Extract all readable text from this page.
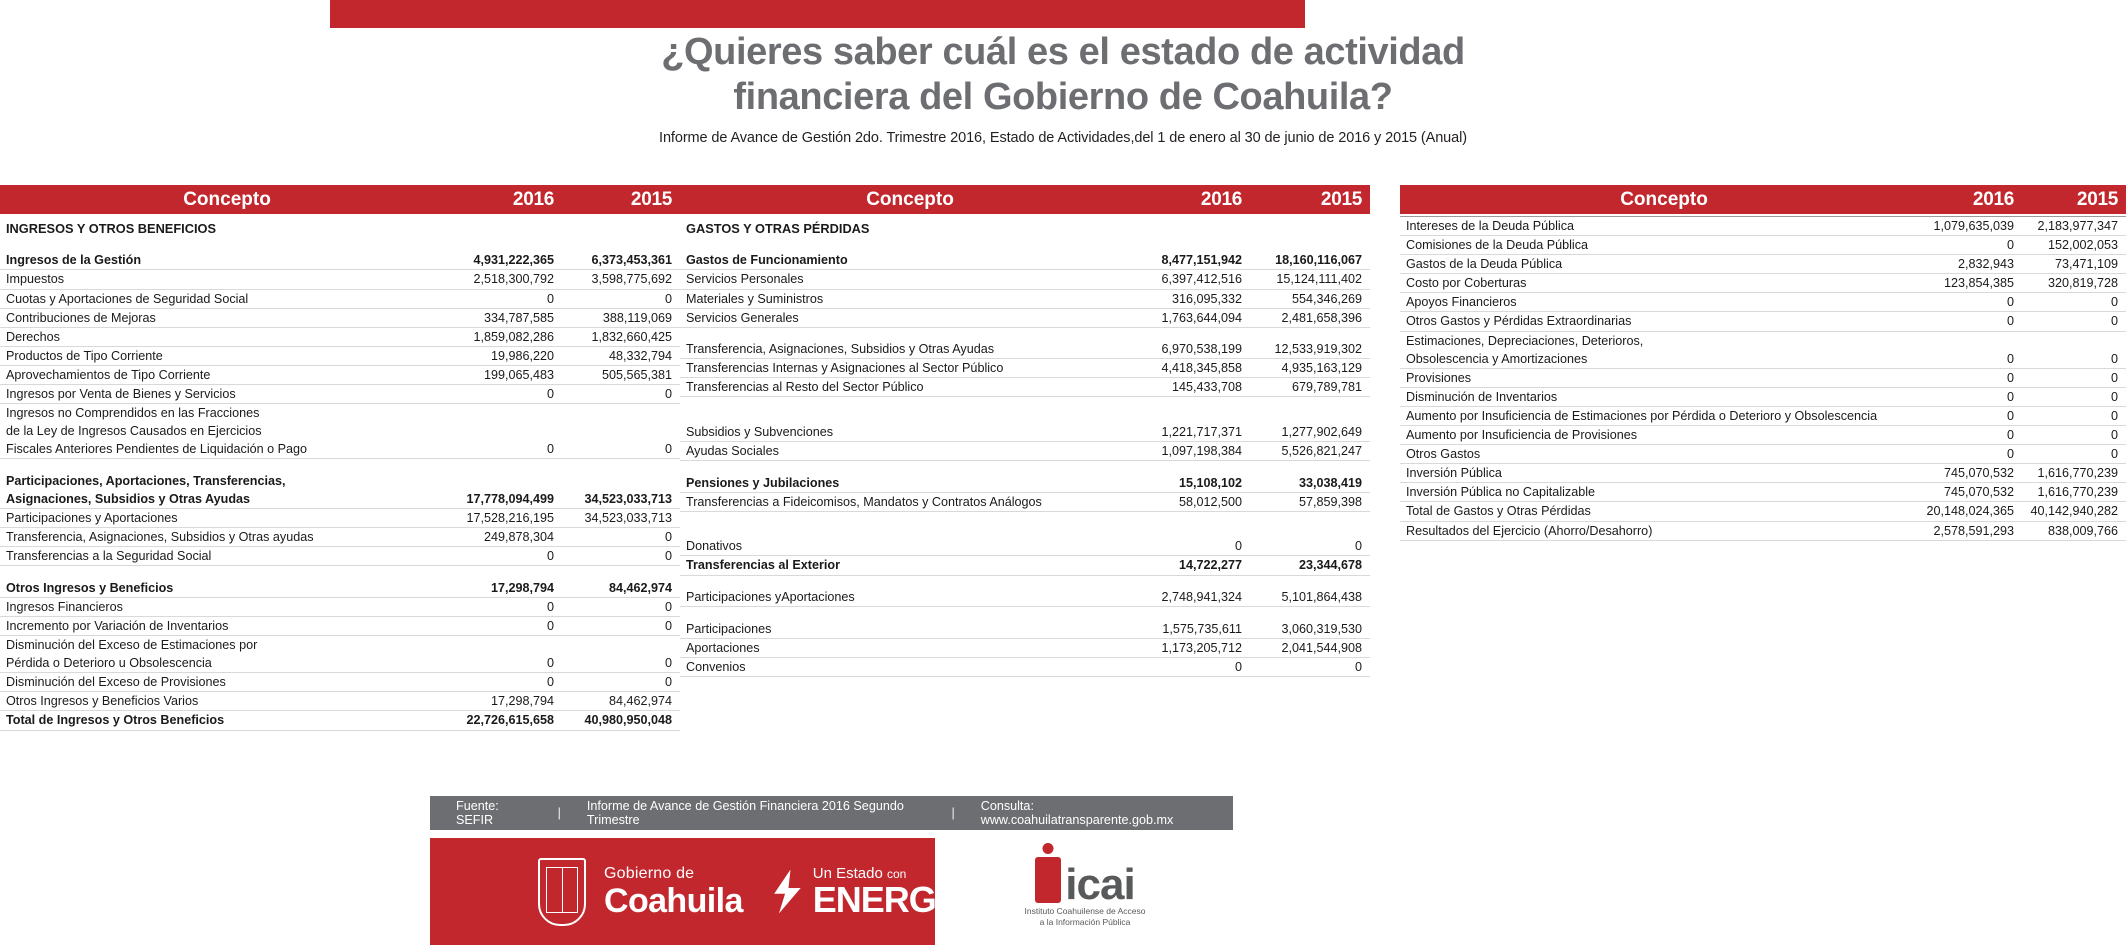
¿Quieres saber cuál es el estado de actividad
financiera del Gobierno de Coahuila?
Informe de Avance de Gestión 2do. Trimestre 2016, Estado de Actividades,del 1 de enero al 30 de junio de 2016 y 2015 (Anual)
Concepto	2016	2015
INGRESOS Y OTROS BENEFICIOS		

Ingresos de la Gestión	4,931,222,365	6,373,453,361
Impuestos	2,518,300,792	3,598,775,692
Cuotas y Aportaciones de Seguridad Social	0	0
Contribuciones de Mejoras	334,787,585	388,119,069
Derechos	1,859,082,286	1,832,660,425
Productos de Tipo Corriente	19,986,220	48,332,794
Aprovechamientos de Tipo Corriente	199,065,483	505,565,381
Ingresos por Venta de Bienes y Servicios	0	0
Ingresos no Comprendidos en las Fracciones		
de la Ley de Ingresos Causados en Ejercicios		
Fiscales Anteriores Pendientes de Liquidación o Pago	0	0

Participaciones, Aportaciones, Transferencias,		
Asignaciones, Subsidios y Otras Ayudas	17,778,094,499	34,523,033,713
Participaciones y Aportaciones	17,528,216,195	34,523,033,713
Transferencia, Asignaciones, Subsidios y Otras ayudas	249,878,304	0
Transferencias a la Seguridad Social	0	0

Otros Ingresos y Beneficios	17,298,794	84,462,974
Ingresos Financieros	0	0
Incremento por Variación de Inventarios	0	0
Disminución del Exceso de Estimaciones por		
Pérdida o Deterioro u Obsolescencia	0	0
Disminución del Exceso de Provisiones	0	0
Otros Ingresos y Beneficios Varios	17,298,794	84,462,974
Total de Ingresos y Otros Beneficios	22,726,615,658	40,980,950,048
Concepto	2016	2015
GASTOS Y OTRAS PÉRDIDAS		

Gastos de Funcionamiento	8,477,151,942	18,160,116,067
Servicios Personales	6,397,412,516	15,124,111,402
Materiales y Suministros	316,095,332	554,346,269
Servicios Generales	1,763,644,094	2,481,658,396

Transferencia, Asignaciones, Subsidios y Otras Ayudas	6,970,538,199	12,533,919,302
Transferencias Internas y Asignaciones al Sector Público	4,418,345,858	4,935,163,129
Transferencias al Resto del Sector Público	145,433,708	679,789,781

Subsidios y Subvenciones	1,221,717,371	1,277,902,649
Ayudas Sociales	1,097,198,384	5,526,821,247

Pensiones y Jubilaciones	15,108,102	33,038,419
Transferencias a Fideicomisos, Mandatos y Contratos Análogos	58,012,500	57,859,398

Donativos	0	0
Transferencias al Exterior	14,722,277	23,344,678

Participaciones yAportaciones	2,748,941,324	5,101,864,438

Participaciones	1,575,735,611	3,060,319,530
Aportaciones	1,173,205,712	2,041,544,908
Convenios	0	0
Concepto	2016	2015
Intereses de la Deuda Pública	1,079,635,039	2,183,977,347
Comisiones de la Deuda Pública	0	152,002,053
Gastos de la Deuda Pública	2,832,943	73,471,109
Costo por Coberturas	123,854,385	320,819,728
Apoyos Financieros	0	0
Otros Gastos y Pérdidas Extraordinarias	0	0
Estimaciones, Depreciaciones, Deterioros,		
Obsolescencia y Amortizaciones	0	0
Provisiones	0	0
Disminución de Inventarios	0	0
Aumento por Insuficiencia de Estimaciones por Pérdida o Deterioro y Obsolescencia	0	0
Aumento por Insuficiencia de Provisiones	0	0
Otros Gastos	0	0
Inversión Pública	745,070,532	1,616,770,239
Inversión Pública no Capitalizable	745,070,532	1,616,770,239
Total de Gastos y Otras Pérdidas	20,148,024,365	40,142,940,282
Resultados del Ejercicio (Ahorro/Desahorro)	2,578,591,293	838,009,766
Fuente: SEFIR	|	Informe de Avance de Gestión Financiera 2016 Segundo Trimestre	|	Consulta: www.coahuilatransparente.gob.mx
Gobierno de
Coahuila
Un Estado con
ENERGíA icai
Instituto Coahuilense de Acceso
a la Información Pública
